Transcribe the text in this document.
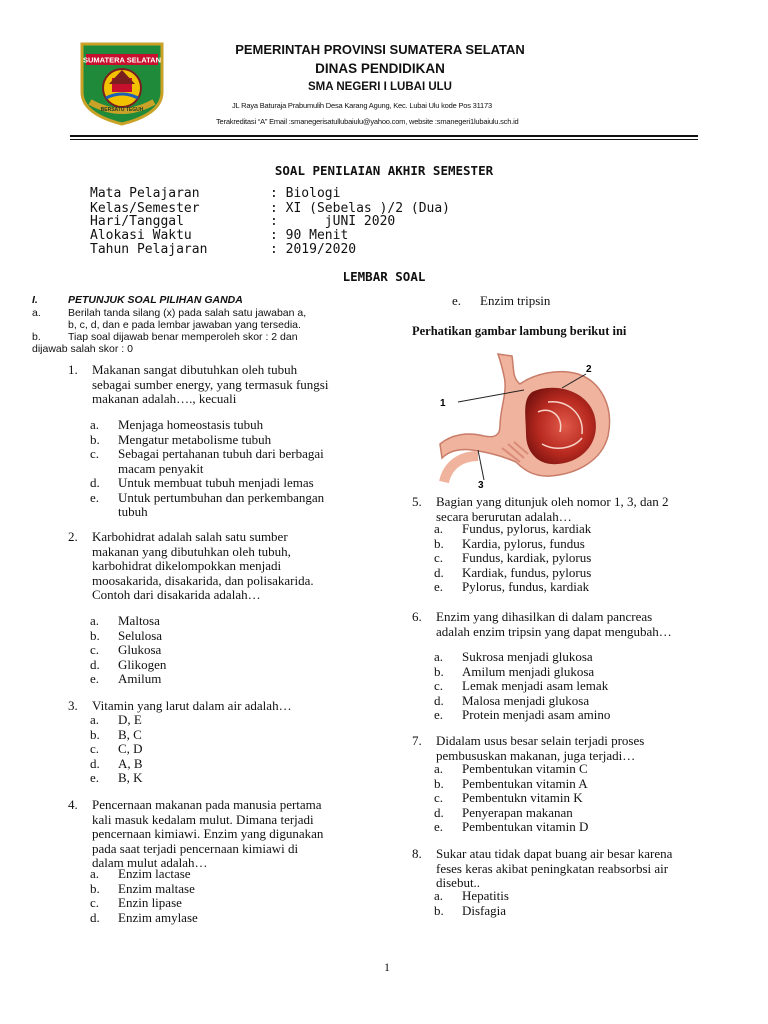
SUMATERA SELATAN
BERSATU TEGUH
PEMERINTAH PROVINSI SUMATERA SELATAN
DINAS PENDIDIKAN
SMA NEGERI I LUBAI ULU
JL Raya Baturaja Prabumulih Desa Karang Agung, Kec. Lubai Ulu kode Pos 31173
Terakreditasi “A” Email :smanegerisatullubaiulu@yahoo.com, website :smanegeri1lubaiulu.sch.id
SOAL PENILAIAN AKHIR SEMESTER
Mata Pelajaran	: Biologi
Kelas/Semester	: XI (Sebelas )/2 (Dua)
Hari/Tanggal	:      jUNI 2020
Alokasi Waktu	: 90 Menit
Tahun Pelajaran	: 2019/2020
LEMBAR SOAL
I.	PETUNJUK SOAL PILIHAN GANDA
a.	Berilah tanda silang (x) pada salah satu jawaban a,
b, c, d, dan e pada lembar jawaban yang tersedia.
b.	Tiap soal dijawab benar memperoleh skor : 2 dan
dijawab salah skor : 0
1. Makanan sangat dibutuhkan oleh tubuh
sebagai sumber energy, yang termasuk fungsi
makanan adalah…., kecuali
a. Menjaga homeostasis tubuh
b. Mengatur metabolisme tubuh
c. Sebagai pertahanan tubuh dari berbagai
macam penyakit
d. Untuk membuat tubuh menjadi lemas
e. Untuk pertumbuhan dan perkembangan
tubuh
2. Karbohidrat adalah salah satu sumber
makanan yang dibutuhkan oleh tubuh,
karbohidrat dikelompokkan menjadi
moosakarida, disakarida, dan polisakarida.
Contoh dari disakarida adalah…
a. Maltosa
b. Selulosa
c. Glukosa
d. Glikogen
e. Amilum
3. Vitamin yang larut dalam air adalah…
a. D, E
b. B, C
c. C, D
d. A, B
e. B, K
4. Pencernaan makanan pada manusia pertama
kali masuk kedalam mulut. Dimana terjadi
pencernaan kimiawi. Enzim yang digunakan
pada saat terjadi pencernaan kimiawi di
dalam mulut adalah…
a. Enzim lactase
b. Enzim maltase
c. Enzin lipase
d. Enzim amylase
e. Enzim tripsin
Perhatikan gambar lambung berikut ini
1
2
3
5. Bagian yang ditunjuk oleh nomor 1, 3, dan 2
secara berurutan adalah…
a. Fundus, pylorus, kardiak
b. Kardia, pylorus, fundus
c. Fundus, kardiak, pylorus
d. Kardiak, fundus, pylorus
e. Pylorus, fundus, kardiak
6. Enzim yang dihasilkan di dalam pancreas
adalah enzim tripsin yang dapat mengubah…
a. Sukrosa menjadi glukosa
b. Amilum menjadi glukosa
c. Lemak menjadi asam lemak
d. Malosa menjadi glukosa
e. Protein menjadi asam amino
7. Didalam usus besar selain terjadi proses
pembususkan makanan, juga terjadi…
a. Pembentukan vitamin C
b. Pembentukan vitamin A
c. Pembentukn vitamin K
d. Penyerapan makanan
e. Pembentukan vitamin D
8. Sukar atau tidak dapat buang air besar karena
feses keras akibat peningkatan reabsorbsi air
disebut..
a. Hepatitis
b. Disfagia
1
